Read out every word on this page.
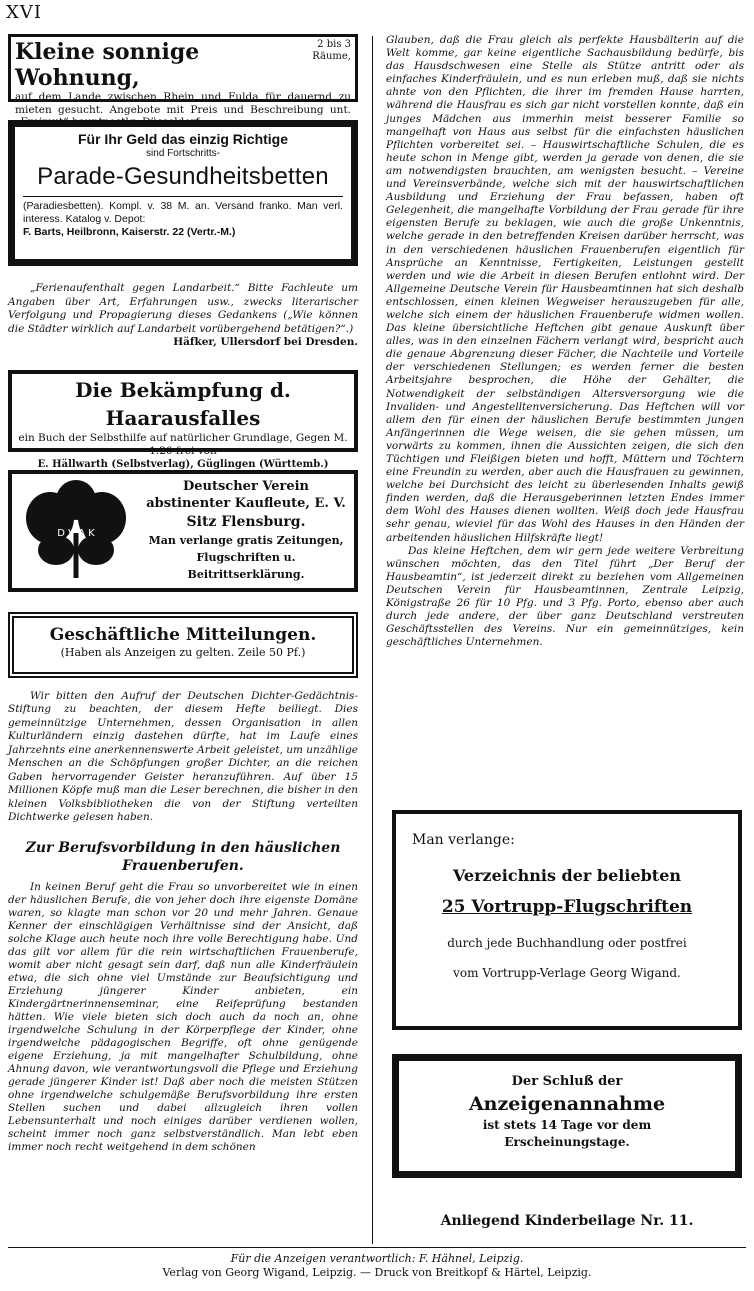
XVI
Kleine sonnige Wohnung,
2 bis 3 Räume,

auf dem Lande zwischen Rhein und Fulda für dauernd zu mieten gesucht. Angebote mit Preis und Beschreibung unt. „Freimut“ hauptpostlg. Düsseldorf.

Für Ihr Geld das einzig Richtige

sind Fortschritts-

Parade-Gesundheitsbetten

(Paradiesbetten). Kompl. v. 38 M. an. Versand franko. Man verl. interess. Katalog v. Depot:

F. Barts, Heilbronn, Kaiserstr. 22 (Vertr.-M.)

„Ferienaufenthalt gegen Landarbeit.“ Bitte Fachleute um Angaben über Art, Erfahrungen usw., zwecks literarischer Verfolgung und Propagierung dieses Gedankens („Wie können die Städter wirklich auf Landarbeit vorübergehend betätigen?“.)

Häfker, Ullersdorf bei Dresden.

Die Bekämpfung d. Haarausfalles

ein Buch der Selbsthilfe auf natürlicher Grundlage, Gegen M. 1.20 frei von

E. Hällwarth (Selbstverlag), Güglingen (Württemb.)

D V A K

Deutscher Verein

abstinenter Kaufleute, E. V.

Sitz Flensburg.

Man verlange gratis Zeitungen, Flugschriften u. Beitrittserklärung.

Geschäftliche Mitteilungen.

(Haben als Anzeigen zu gelten. Zeile 50 Pf.)

Wir bitten den Aufruf der Deutschen Dichter-Gedächtnis-Stiftung zu beachten, der diesem Hefte beiliegt. Dies gemeinnützige Unternehmen, dessen Organisation in allen Kulturländern einzig dastehen dürfte, hat im Laufe eines Jahrzehnts eine anerkennenswerte Arbeit geleistet, um unzählige Menschen an die Schöpfungen großer Dichter, an die reichen Gaben hervorragender Geister heranzuführen. Auf über 15 Millionen Köpfe muß man die Leser berechnen, die bisher in den kleinen Volksbibliotheken die von der Stiftung verteilten Dichtwerke gelesen haben.

Zur Berufsvorbildung in den häuslichen Frauenberufen.

In keinen Beruf geht die Frau so unvorbereitet wie in einen der häuslichen Berufe, die von jeher doch ihre eigenste Domäne waren, so klagte man schon vor 20 und mehr Jahren. Genaue Kenner der einschlägigen Verhältnisse sind der Ansicht, daß solche Klage auch heute noch ihre volle Berechtigung habe. Und das gilt vor allem für die rein wirtschaftlichen Frauenberufe, womit aber nicht gesagt sein darf, daß nun alle Kinderfräulein etwa, die sich ohne viel Umstände zur Beaufsichtigung und Erziehung jüngerer Kinder anbieten, ein Kindergärtnerinnenseminar, eine Reifeprüfung bestanden hätten. Wie viele bieten sich doch auch da noch an, ohne irgendwelche Schulung in der Körperpflege der Kinder, ohne irgendwelche pädagogischen Begriffe, oft ohne genügende eigene Erziehung, ja mit mangelhafter Schulbildung, ohne Ahnung davon, wie verantwortungsvoll die Pflege und Erziehung gerade jüngerer Kinder ist! Daß aber noch die meisten Stützen ohne irgendwelche schulgemäße Berufsvorbildung ihre ersten Stellen suchen und dabei allzugleich ihren vollen Lebensunterhalt und noch einiges darüber verdienen wollen, scheint immer noch ganz selbstverständlich. Man lebt eben immer noch recht weitgehend in dem schönen

Glauben, daß die Frau gleich als perfekte Hausbälterin auf die Welt komme, gar keine eigentliche Sachausbildung bedürfe, bis das Hausdschwesen eine Stelle als Stütze antritt oder als einfaches Kinderfräulein, und es nun erleben muß, daß sie nichts ahnte von den Pflichten, die ihrer im fremden Hause harrten, während die Hausfrau es sich gar nicht vorstellen konnte, daß ein junges Mädchen aus immerhin meist besserer Familie so mangelhaft von Haus aus selbst für die einfachsten häuslichen Pflichten vorbereitet sei. – Hauswirtschaftliche Schulen, die es heute schon in Menge gibt, werden ja gerade von denen, die sie am notwendigsten brauchten, am wenigsten besucht. – Vereine und Vereinsverbände, welche sich mit der hauswirtschaftlichen Ausbildung und Erziehung der Frau befassen, haben oft Gelegenheit, die mangelhafte Vorbildung der Frau gerade für ihre eigensten Berufe zu beklagen, wie auch die große Unkenntnis, welche gerade in den betreffenden Kreisen darüber herrscht, was in den verschiedenen häuslichen Frauenberufen eigentlich für Ansprüche an Kenntnisse, Fertigkeiten, Leistungen gestellt werden und wie die Arbeit in diesen Berufen entlohnt wird. Der Allgemeine Deutsche Verein für Hausbeamtinnen hat sich deshalb entschlossen, einen kleinen Wegweiser herauszugeben für alle, welche sich einem der häuslichen Frauenberufe widmen wollen. Das kleine übersichtliche Heftchen gibt genaue Auskunft über alles, was in den einzelnen Fächern verlangt wird, bespricht auch die genaue Abgrenzung dieser Fächer, die Nachteile und Vorteile der verschiedenen Stellungen; es werden ferner die besten Arbeitsjahre besprochen, die Höhe der Gehälter, die Notwendigkeit der selbständigen Altersversorgung wie die Invaliden- und Angestelltenversicherung. Das Heftchen will vor allem den für einen der häuslichen Berufe bestimmten jungen Anfängerinnen die Wege weisen, die sie gehen müssen, um vorwärts zu kommen, ihnen die Aussichten zeigen, die sich den Tüchtigen und Fleißigen bieten und hofft, Müttern und Töchtern eine Freundin zu werden, aber auch die Hausfrauen zu gewinnen, welche bei Durchsicht des leicht zu überlesenden Inhalts gewiß finden werden, daß die Herausgeberinnen letzten Endes immer dem Wohl des Hauses dienen wollten. Weiß doch jede Hausfrau sehr genau, wieviel für das Wohl des Hauses in den Händen der arbeitenden häuslichen Hilfskräfte liegt!

Das kleine Heftchen, dem wir gern jede weitere Verbreitung wünschen möchten, das den Titel führt „Der Beruf der Hausbeamtin“, ist jederzeit direkt zu beziehen vom Allgemeinen Deutschen Verein für Hausbeamtinnen, Zentrale Leipzig, Königstraße 26 für 10 Pfg. und 3 Pfg. Porto, ebenso aber auch durch jede andere, der über ganz Deutschland verstreuten Geschäftsstellen des Vereins. Nur ein gemeinnütziges, kein geschäftliches Unternehmen.

Man verlange:

Verzeichnis der beliebten

25 Vortrupp-Flugschriften

durch jede Buchhandlung oder postfrei

vom Vortrupp-Verlage Georg Wigand.

Der Schluß der

Anzeigenannahme

ist stets 14 Tage vor dem

Erscheinungstage.

Anliegend Kinderbeilage Nr. 11.

Für die Anzeigen verantwortlich: F. Hähnel, Leipzig.

Verlag von Georg Wigand, Leipzig. — Druck von Breitkopf & Härtel, Leipzig.
